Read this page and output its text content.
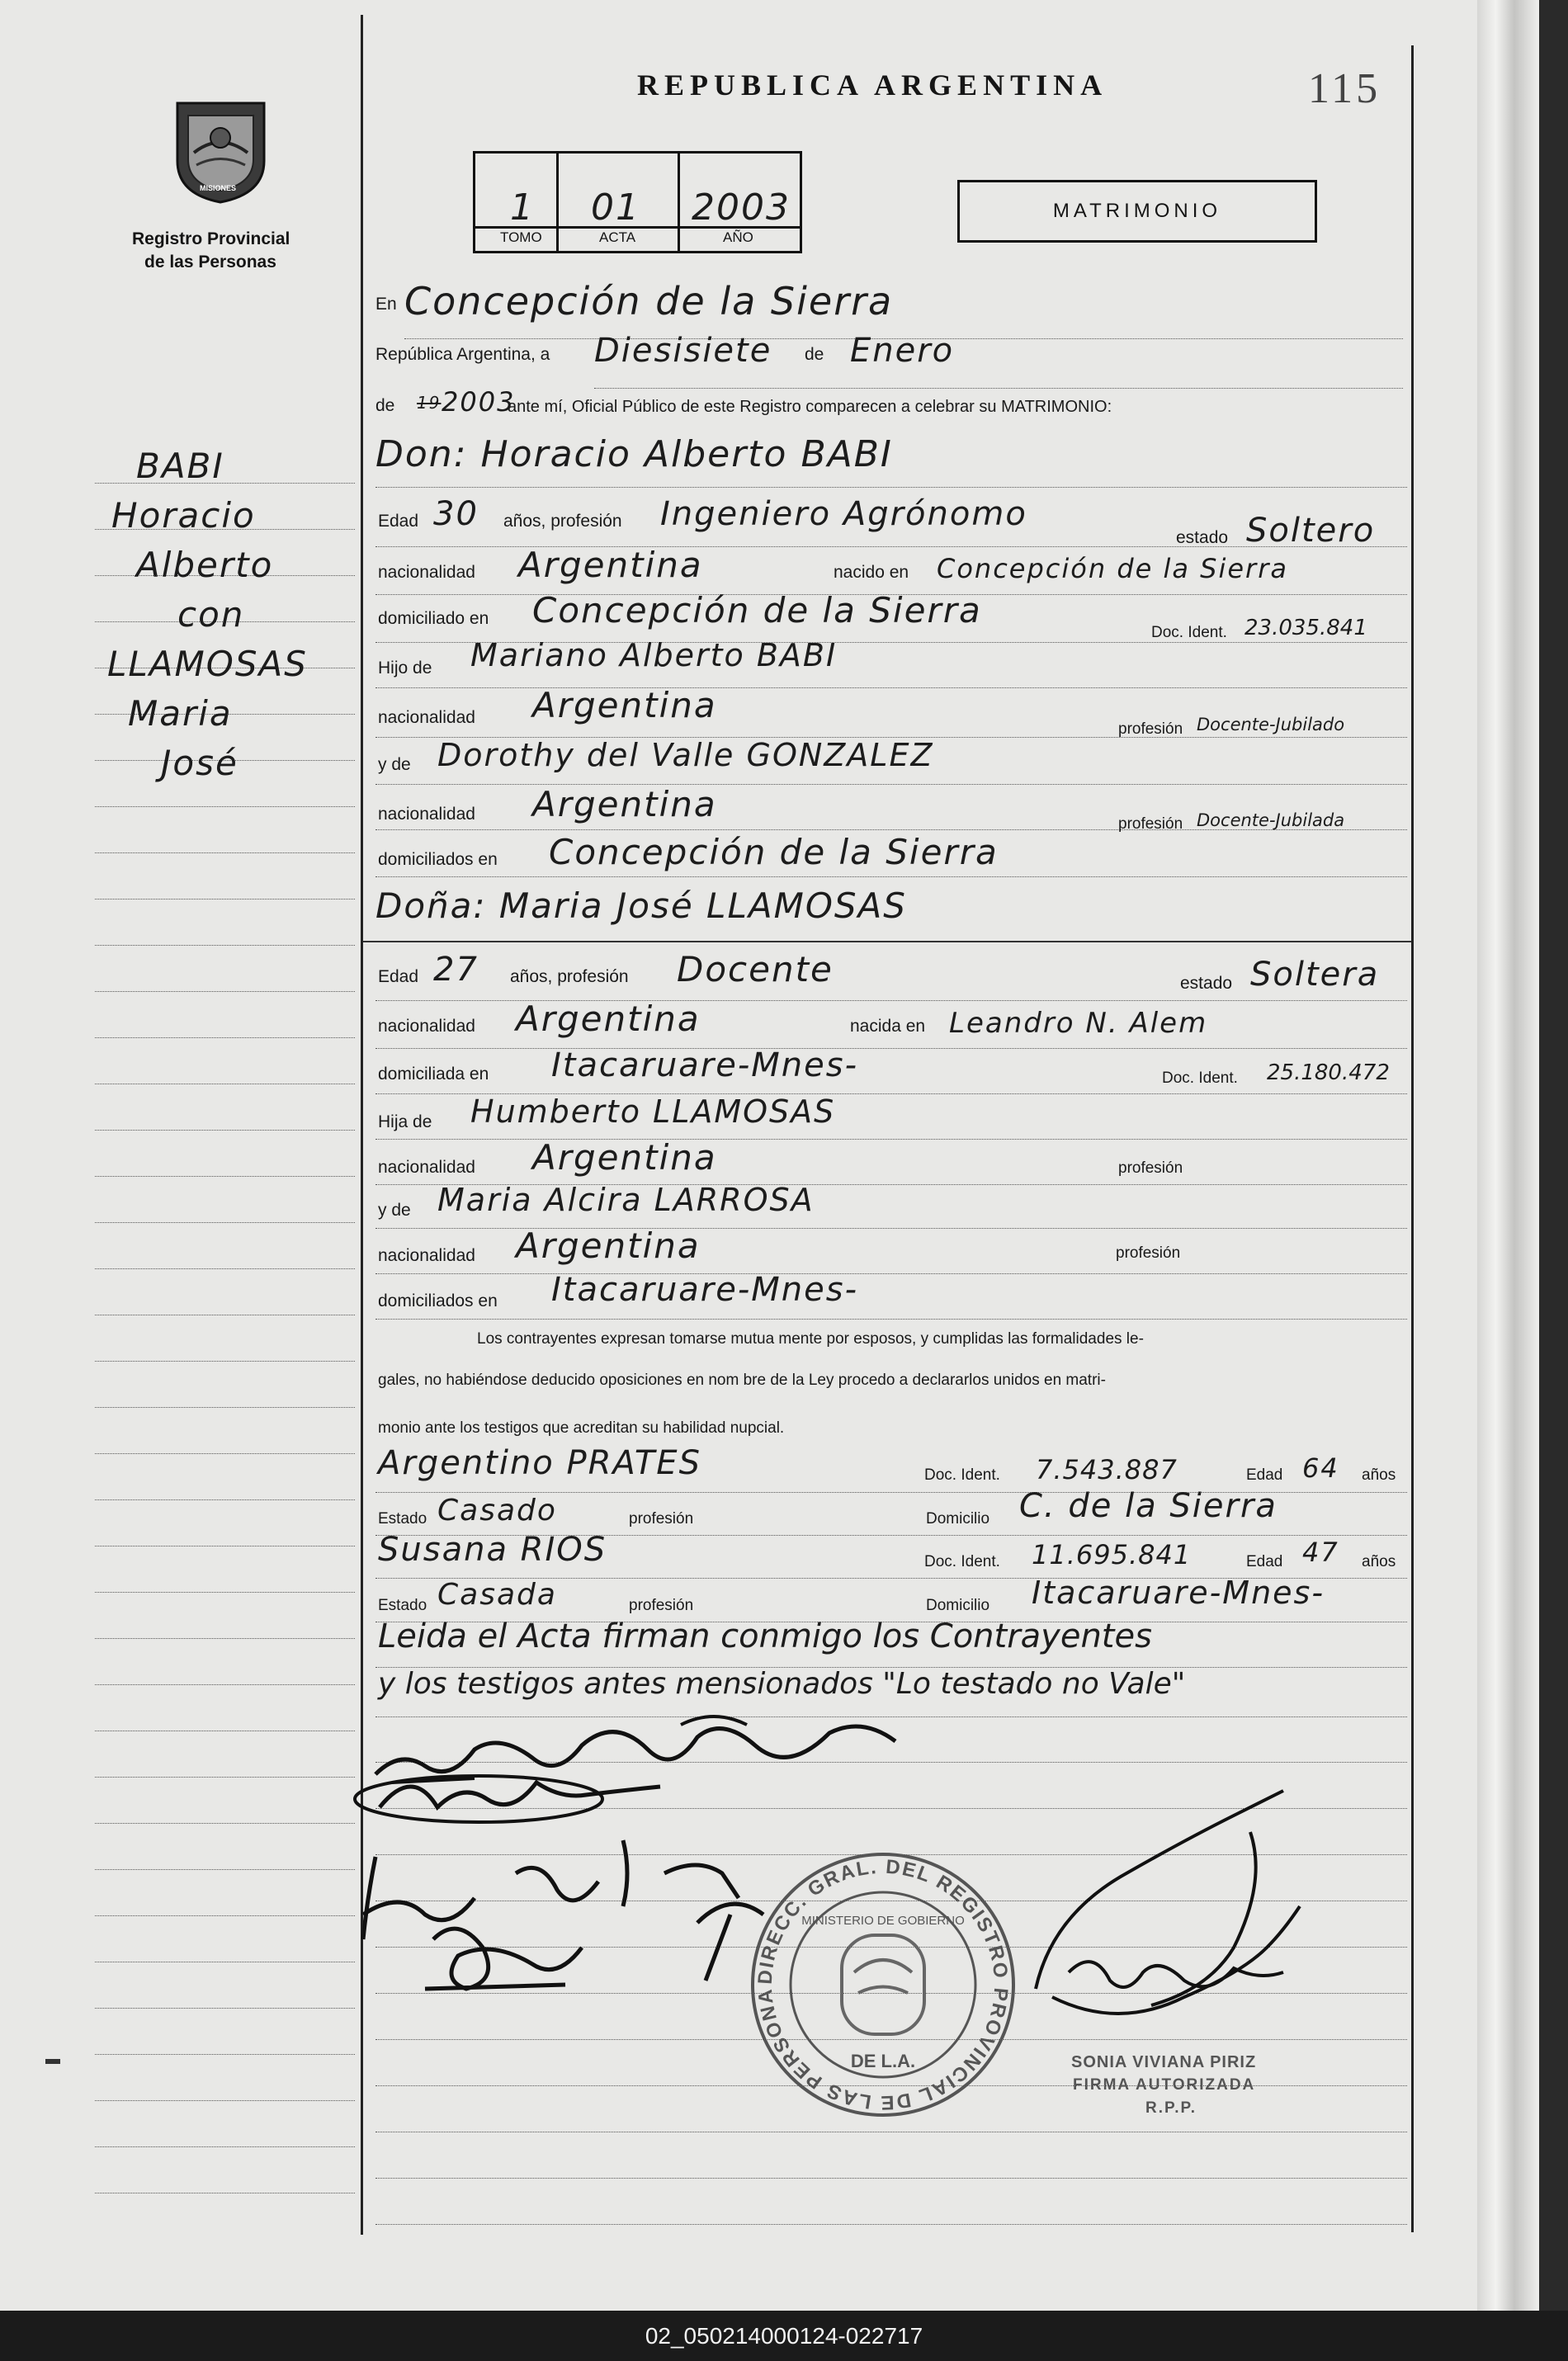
MISIONES
Registro Provincial
de las Personas
REPUBLICA ARGENTINA	115
1 01 2003
TOMO	ACTA	AÑO
MATRIMONIO
BABI
Horacio
Alberto
con
LLAMOSAS
Maria
José
En Concepción de la Sierra
República Argentina, a Diesisiete de Enero
de 19 2003
ante mí, Oficial Público de este Registro comparecen a celebrar su MATRIMONIO:
Don: Horacio Alberto BABI
Edad 30 años, profesión Ingeniero Agrónomo
estado Soltero
nacionalidad Argentina	nacido en Concepción de la Sierra
domiciliado en Concepción de la Sierra
Doc. Ident. 23.035.841
Hijo de Mariano Alberto BABI
nacionalidad Argentina
profesión Docente-Jubilado
y de Dorothy del Valle GONZALEZ
nacionalidad Argentina	profesión Docente-Jubilada
domiciliados en Concepción de la Sierra
Doña: Maria José LLAMOSAS
Edad 27 años, profesión Docente	estado Soltera
nacionalidad Argentina	nacida en Leandro N. Alem
domiciliada en Itacaruare-Mnes-	Doc. Ident. 25.180.472
Hija de Humberto LLAMOSAS
nacionalidad Argentina	profesión
y de Maria Alcira LARROSA
nacionalidad Argentina	profesión
domiciliados en Itacaruare-Mnes-
Los contrayentes expresan tomarse mutua mente por esposos, y cumplidas las formalidades le-
gales, no habiéndose deducido oposiciones en nom bre de la Ley procedo a declararlos unidos en matri-
monio ante los testigos que acreditan su habilidad nupcial.
Argentino PRATES	Doc. Ident. 7.543.887	Edad 64 años
Estado Casado	profesión	Domicilio C. de la Sierra
Susana RIOS	Doc. Ident. 11.695.841	Edad 47 años
Estado Casada	profesión	Domicilio Itacaruare-Mnes-
Leida el Acta firman conmigo los Contrayentes
y los testigos antes mensionados "Lo testado no Vale"
DIRECC. GRAL. DEL REGISTRO PROVINCIAL DE LAS PERSONA
DE L.A.
MINISTERIO DE GOBIERNO
SONIA VIVIANA PIRIZ
FIRMA AUTORIZADA
R.P.P.
02_050214000124-022717
